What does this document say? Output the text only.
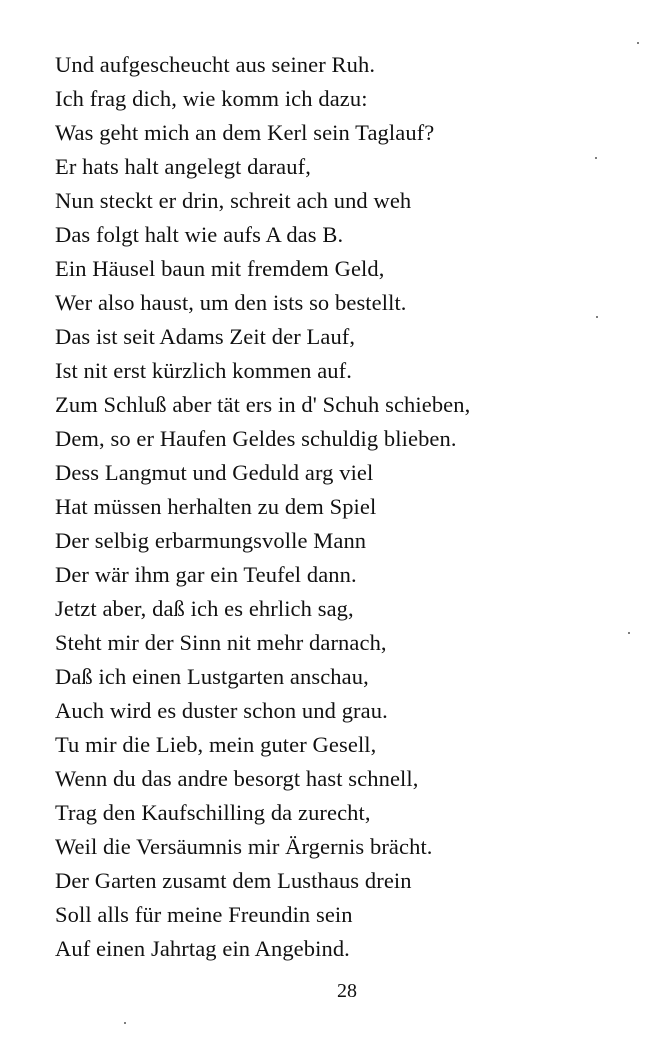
Und aufgescheucht aus seiner Ruh.
Ich frag dich, wie komm ich dazu:
Was geht mich an dem Kerl sein Taglauf?
Er hats halt angelegt darauf,
Nun steckt er drin, schreit ach und weh
Das folgt halt wie aufs A das B.
Ein Häusel baun mit fremdem Geld,
Wer also haust, um den ists so bestellt.
Das ist seit Adams Zeit der Lauf,
Ist nit erst kürzlich kommen auf.
Zum Schluß aber tät ers in d' Schuh schieben,
Dem, so er Haufen Geldes schuldig blieben.
Dess Langmut und Geduld arg viel
Hat müssen herhalten zu dem Spiel
Der selbig erbarmungsvolle Mann
Der wär ihm gar ein Teufel dann.
Jetzt aber, daß ich es ehrlich sag,
Steht mir der Sinn nit mehr darnach,
Daß ich einen Lustgarten anschau,
Auch wird es duster schon und grau.
Tu mir die Lieb, mein guter Gesell,
Wenn du das andre besorgt hast schnell,
Trag den Kaufschilling da zurecht,
Weil die Versäumnis mir Ärgernis brächt.
Der Garten zusamt dem Lusthaus drein
Soll alls für meine Freundin sein
Auf einen Jahrtag ein Angebind.
28
